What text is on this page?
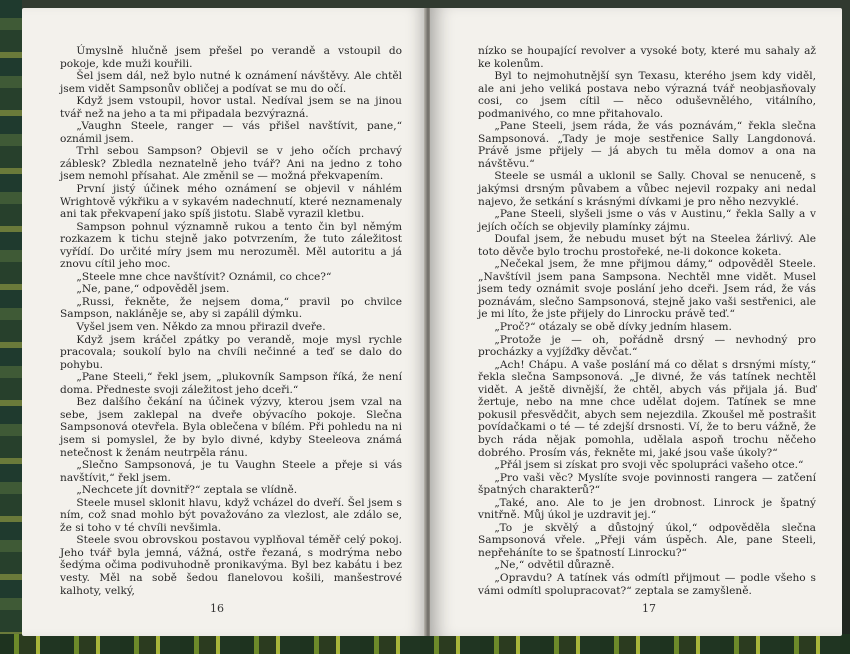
Úmyslně hlučně jsem přešel po verandě a vstoupil do pokoje, kde muži kouřili.

Šel jsem dál, než bylo nutné k oznámení návštěvy. Ale chtěl jsem vidět Sampsonův obličej a podívat se mu do očí.

Když jsem vstoupil, hovor ustal. Nedíval jsem se na jinou tvář než na jeho a ta mi připadala bezvýrazná.

„Vaughn Steele, ranger — vás přišel navštívit, pane,“ oznámil jsem.

Trhl sebou Sampson? Objevil se v jeho očích prchavý záblesk? Zbledla neznatelně jeho tvář? Ani na jedno z toho jsem nemohl přísahat. Ale změnil se — možná překvapením.

První jistý účinek mého oznámení se objevil v náhlém Wrightově výkřiku a v sykavém nadechnutí, které neznamenaly ani tak překvapení jako spíš jistotu. Slabě vyrazil kletbu.

Sampson pohnul významně rukou a tento čin byl němým rozkazem k tichu stejně jako potvrzením, že tuto záležitost vyřídí. Do určité míry jsem mu nerozuměl. Měl autoritu a já znovu cítil jeho moc.

„Steele mne chce navštívit? Oznámil, co chce?“

„Ne, pane,“ odpověděl jsem.

„Russi, řekněte, že nejsem doma,“ pravil po chvilce Sampson, nakláněje se, aby si zapálil dýmku.

Vyšel jsem ven. Někdo za mnou přirazil dveře.

Když jsem kráčel zpátky po verandě, moje mysl rychle pracovala; soukolí bylo na chvíli nečinné a teď se dalo do pohybu.

„Pane Steeli,“ řekl jsem, „plukovník Sampson říká, že není doma. Předneste svoji záležitost jeho dceři.“

Bez dalšího čekání na účinek výzvy, kterou jsem vzal na sebe, jsem zaklepal na dveře obývacího pokoje. Slečna Sampsonová otevřela. Byla oblečena v bílém. Při pohledu na ni jsem si pomyslel, že by bylo divné, kdyby Steeleova známá netečnost k ženám neutrpěla ránu.

„Slečno Sampsonová, je tu Vaughn Steele a přeje si vás navštívit,“ řekl jsem.

„Nechcete jít dovnitř?“ zeptala se vlídně.

Steele musel sklonit hlavu, když vcházel do dveří. Šel jsem s ním, což snad mohlo být považováno za vlezlost, ale zdálo se, že si toho v té chvíli nevšimla.

Steele svou obrovskou postavou vyplňoval téměř celý pokoj. Jeho tvář byla jemná, vážná, ostře řezaná, s modrýma nebo šedýma očima podivuhodně pronikavýma. Byl bez kabátu i bez vesty. Měl na sobě šedou flanelovou košili, manšestrové kalhoty, velký,

16

nízko se houpající revolver a vysoké boty, které mu sahaly až ke kolenům.

Byl to nejmohutnější syn Texasu, kterého jsem kdy viděl, ale ani jeho veliká postava nebo výrazná tvář neobjasňovaly cosi, co jsem cítil — něco oduševnělého, vitálního, podmanivého, co mne přitahovalo.

„Pane Steeli, jsem ráda, že vás poznávám,“ řekla slečna Sampsonová. „Tady je moje sestřenice Sally Langdonová. Právě jsme přijely — já abych tu měla domov a ona na návštěvu.“

Steele se usmál a uklonil se Sally. Choval se nenuceně, s jakýmsi drsným půvabem a vůbec nejevil rozpaky ani nedal najevo, že setkání s krásnými dívkami je pro něho nezvyklé.

„Pane Steeli, slyšeli jsme o vás v Austinu,“ řekla Sally a v jejích očích se objevily plamínky zájmu.

Doufal jsem, že nebudu muset být na Steelea žárlivý. Ale toto děvče bylo trochu prostořeké, ne-li dokonce koketa.

„Nečekal jsem, že mne přijmou dámy,“ odpověděl Steele. „Navštívil jsem pana Sampsona. Nechtěl mne vidět. Musel jsem tedy oznámit svoje poslání jeho dceři. Jsem rád, že vás poznávám, slečno Sampsonová, stejně jako vaši sestřenici, ale je mi líto, že jste přijely do Linrocku právě teď.“

„Proč?“ otázaly se obě dívky jedním hlasem.

„Protože je — oh, pořádně drsný — nevhodný pro procházky a vyjížďky děvčat.“

„Ach! Chápu. A vaše poslání má co dělat s drsnými místy,“ řekla slečna Sampsonová. „Je divné, že vás tatínek nechtěl vidět. A ještě divnější, že chtěl, abych vás přijala já. Buď žertuje, nebo na mne chce udělat dojem. Tatínek se mne pokusil přesvědčit, abych sem nejezdila. Zkoušel mě postrašit povídačkami o té — té zdejší drsnosti. Ví, že to beru vážně, že bych ráda nějak pomohla, udělala aspoň trochu něčeho dobrého. Prosím vás, řekněte mi, jaké jsou vaše úkoly?“

„Přál jsem si získat pro svoji věc spolupráci vašeho otce.“

„Pro vaši věc? Myslíte svoje povinnosti rangera — zatčení špatných charakterů?“

„Také, ano. Ale to je jen drobnost. Linrock je špatný vnitřně. Můj úkol je uzdravit jej.“

„To je skvělý a důstojný úkol,“ odpověděla slečna Sampsonová vřele. „Přeji vám úspěch. Ale, pane Steeli, nepřeháníte to se špatností Linrocku?“

„Ne,“ odvětil důrazně.

„Opravdu? A tatínek vás odmítl přijmout — podle všeho s vámi odmítl spolupracovat?“ zeptala se zamyšleně.

17
